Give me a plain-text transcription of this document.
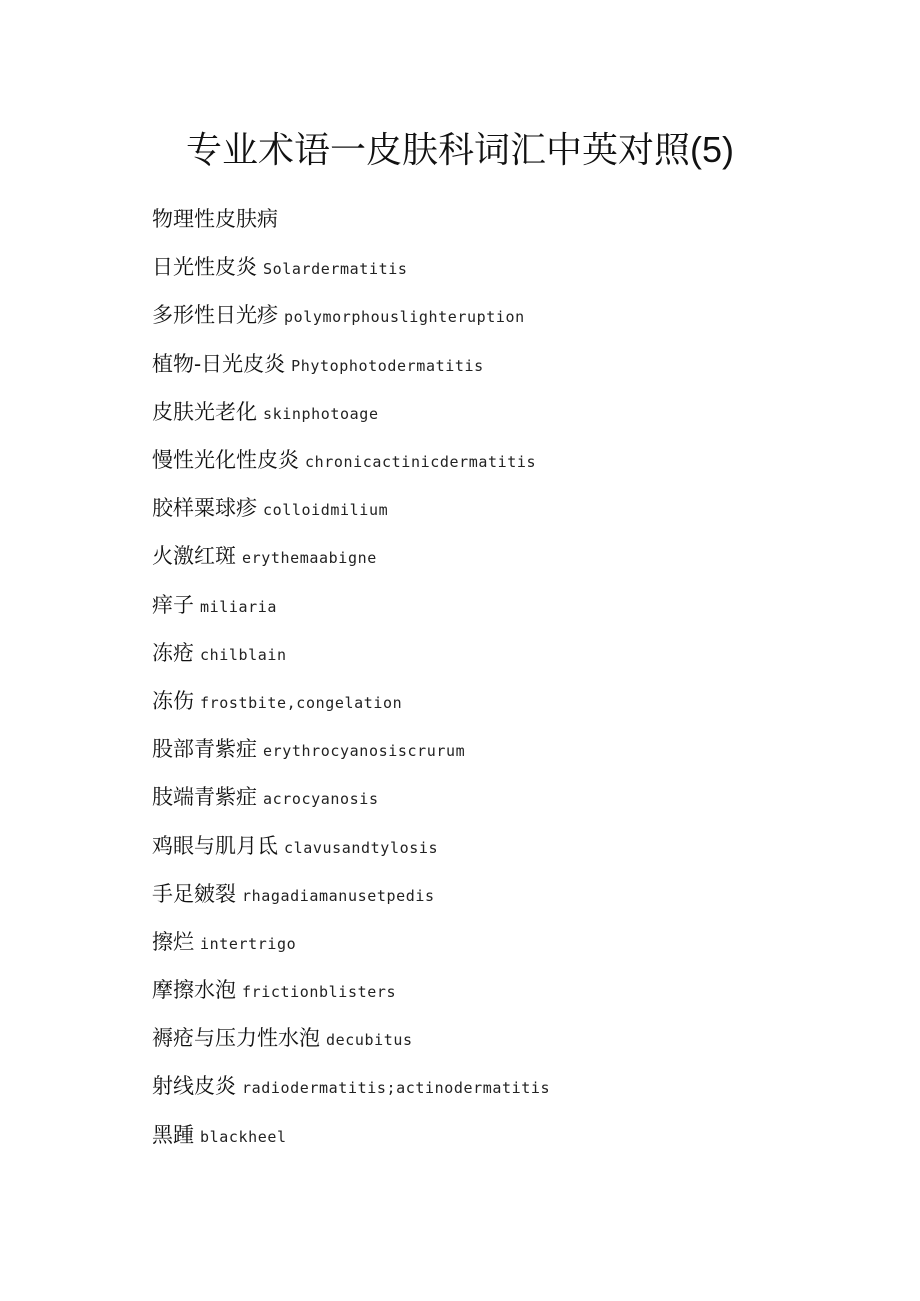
专业术语一皮肤科词汇中英对照(5)
物理性皮肤病
日光性皮炎 Solardermatitis
多形性日光疹 polymorphouslighteruption
植物-日光皮炎 Phytophotodermatitis
皮肤光老化 skinphotoage
慢性光化性皮炎 chronicactinicdermatitis
胶样粟球疹 colloidmilium
火激红斑 erythemaabigne
痒子 miliaria
冻疮 chilblain
冻伤 frostbite,congelation
股部青紫症 erythrocyanosiscrurum
肢端青紫症 acrocyanosis
鸡眼与肌月氐 clavusandtylosis
手足皴裂 rhagadiamanusetpedis
擦烂 intertrigo
摩擦水泡 frictionblisters
褥疮与压力性水泡 decubitus
射线皮炎 radiodermatitis;actinodermatitis
黑踵 blackheel
